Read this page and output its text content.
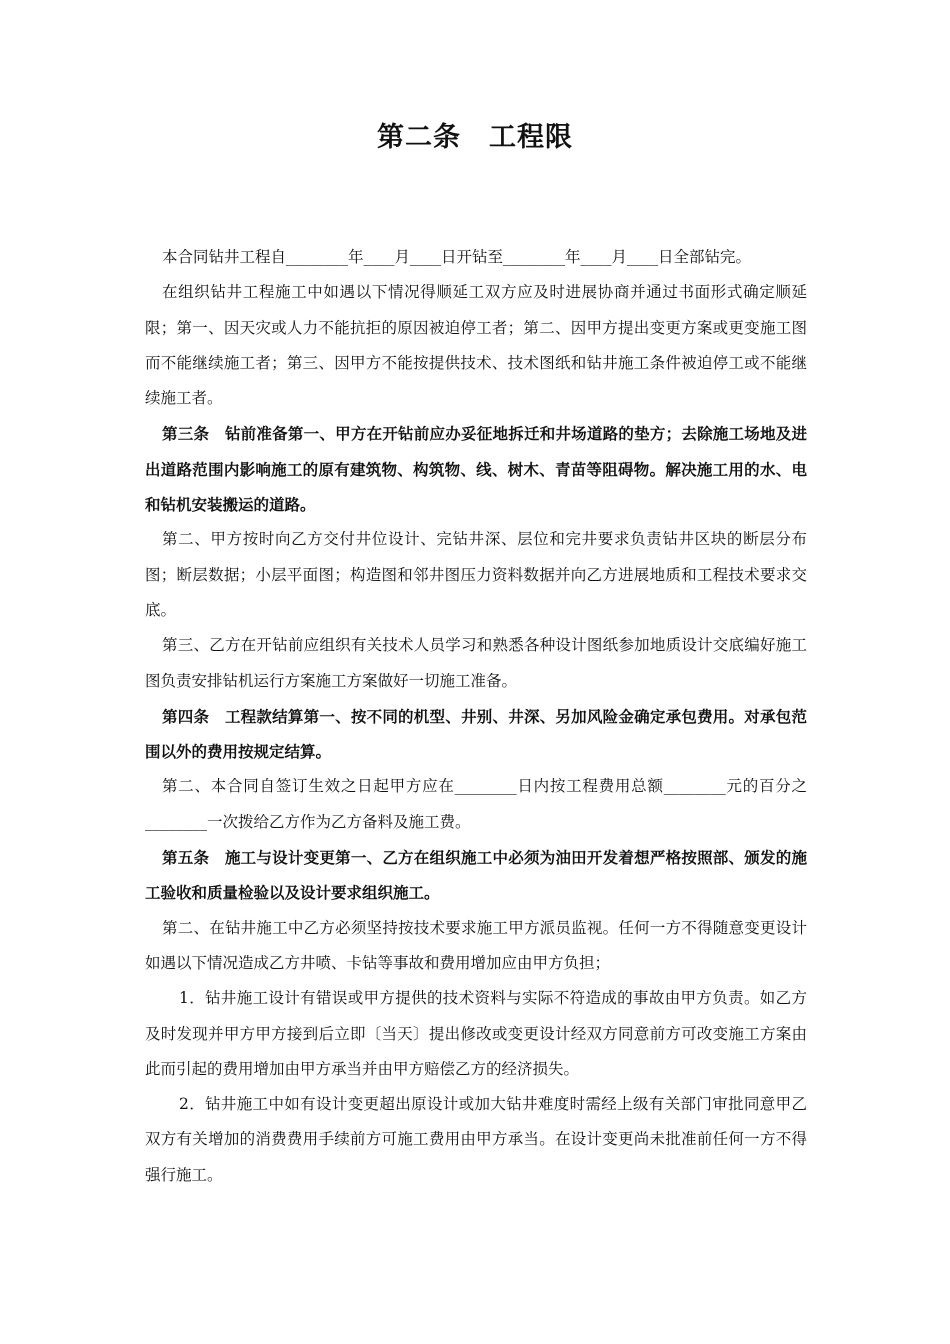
第二条　工程限

本合同钻井工程自________年____月____日开钻至________年____月____日全部钻完。

在组织钻井工程施工中如遇以下情况得顺延工双方应及时进展协商并通过书面形式确定顺延限；第一、因天灾或人力不能抗拒的原因被迫停工者；第二、因甲方提出变更方案或更变施工图而不能继续施工者；第三、因甲方不能按提供技术、技术图纸和钻井施工条件被迫停工或不能继续施工者。

第三条　钻前准备第一、甲方在开钻前应办妥征地拆迁和井场道路的垫方；去除施工场地及进出道路范围内影响施工的原有建筑物、构筑物、线、树木、青苗等阻碍物。解决施工用的水、电和钻机安装搬运的道路。

第二、甲方按时向乙方交付井位设计、完钻井深、层位和完井要求负责钻井区块的断层分布图；断层数据；小层平面图；构造图和邻井图压力资料数据并向乙方进展地质和工程技术要求交底。

第三、乙方在开钻前应组织有关技术人员学习和熟悉各种设计图纸参加地质设计交底编好施工图负责安排钻机运行方案施工方案做好一切施工准备。

第四条　工程款结算第一、按不同的机型、井别、井深、另加风险金确定承包费用。对承包范围以外的费用按规定结算。

第二、本合同自签订生效之日起甲方应在________日内按工程费用总额________元的百分之________一次拨给乙方作为乙方备料及施工费。

第五条　施工与设计变更第一、乙方在组织施工中必须为油田开发着想严格按照部、颁发的施工验收和质量检验以及设计要求组织施工。

第二、在钻井施工中乙方必须坚持按技术要求施工甲方派员监视。任何一方不得随意变更设计如遇以下情况造成乙方井喷、卡钻等事故和费用增加应由甲方负担；

1．钻井施工设计有错误或甲方提供的技术资料与实际不符造成的事故由甲方负责。如乙方及时发现并甲方甲方接到后立即〔当天〕提出修改或变更设计经双方同意前方可改变施工方案由此而引起的费用增加由甲方承当并由甲方赔偿乙方的经济损失。

2．钻井施工中如有设计变更超出原设计或加大钻井难度时需经上级有关部门审批同意甲乙双方有关增加的消费费用手续前方可施工费用由甲方承当。在设计变更尚未批准前任何一方不得强行施工。
